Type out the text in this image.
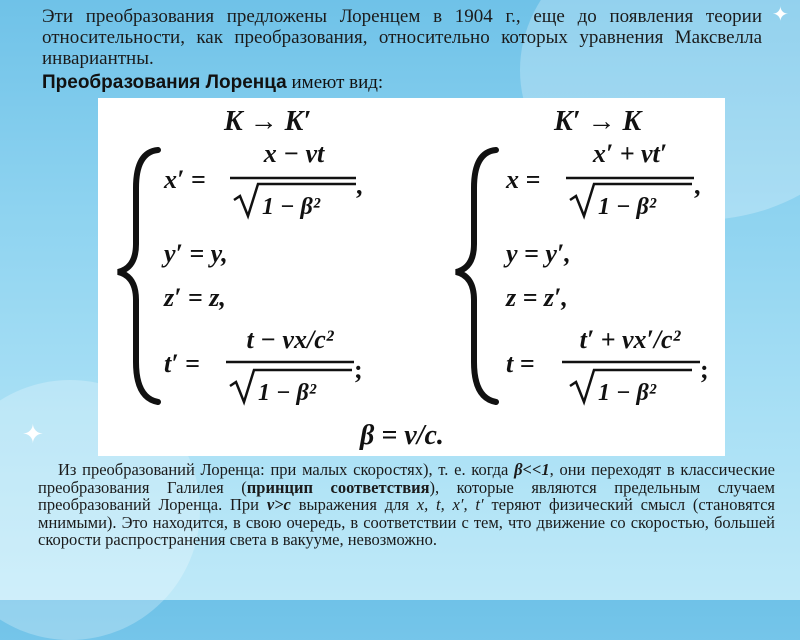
✦
✦

Эти преобразования предложены Лоренцем в 1904 г., еще до появления теории относительности, как преобразования, относительно которых уравнения Максвелла инвариантны.

Преобразования Лоренца имеют вид:
K → K′
x′ =
x − vt
1 − β²
,
y′ = y,
z′ = z,
t′ =
t − vx/c²
1 − β²
;
K′ → K
x =
x′ + vt′
1 − β²
,
y = y′,
z = z′,
t =
t′ + vx′/c²
1 − β²
;
β = v/c.

Из преобразований Лоренца: при малых скоростях), т. е. когда β<<1, они переходят в классические преобразования Галилея (принцип соответствия), которые являются предельным случаем преобразований Лоренца. При v>c выражения для x, t, x′, t′ теряют физический смысл (становятся мнимыми). Это находится, в свою очередь, в соответствии с тем, что движение со скоростью, большей скорости распространения света в вакууме, невозможно.
